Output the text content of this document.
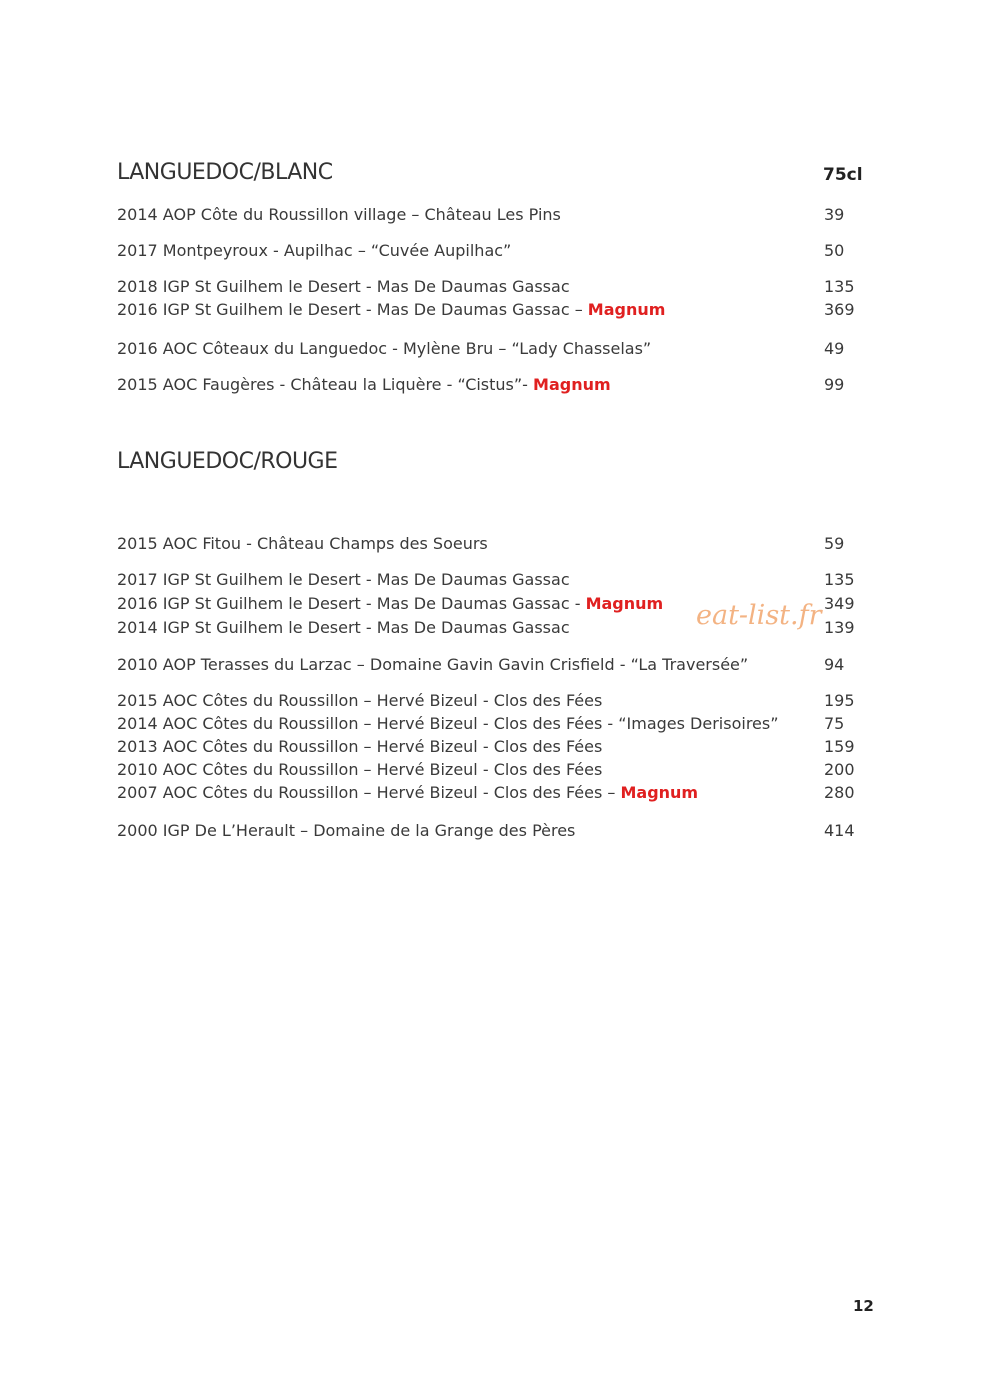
LANGUEDOC/BLANC	75cl
2014 AOP Côte du Roussillon village – Château Les Pins	39
2017 Montpeyroux - Aupilhac – “Cuvée Aupilhac”	50
2018 IGP St Guilhem le Desert - Mas De Daumas Gassac	135
2016 IGP St Guilhem le Desert - Mas De Daumas Gassac – Magnum	369
2016 AOC Côteaux du Languedoc - Mylène Bru – “Lady Chasselas”	49
2015 AOC Faugères - Château la Liquère - “Cistus”- Magnum	99
LANGUEDOC/ROUGE
2015 AOC Fitou - Château Champs des Soeurs	59
2017 IGP St Guilhem le Desert - Mas De Daumas Gassac	135
2016 IGP St Guilhem le Desert - Mas De Daumas Gassac - Magnum	349
2014 IGP St Guilhem le Desert - Mas De Daumas Gassac	139
2010 AOP Terasses du Larzac – Domaine Gavin Gavin Crisfield - “La Traversée”	94
2015 AOC Côtes du Roussillon – Hervé Bizeul - Clos des Fées	195
2014 AOC Côtes du Roussillon – Hervé Bizeul - Clos des Fées - “Images Derisoires”	75
2013 AOC Côtes du Roussillon – Hervé Bizeul - Clos des Fées	159
2010 AOC Côtes du Roussillon – Hervé Bizeul - Clos des Fées	200
2007 AOC Côtes du Roussillon – Hervé Bizeul - Clos des Fées – Magnum	280
2000 IGP De L’Herault – Domaine de la Grange des Pères	414
eat-list.fr
12
